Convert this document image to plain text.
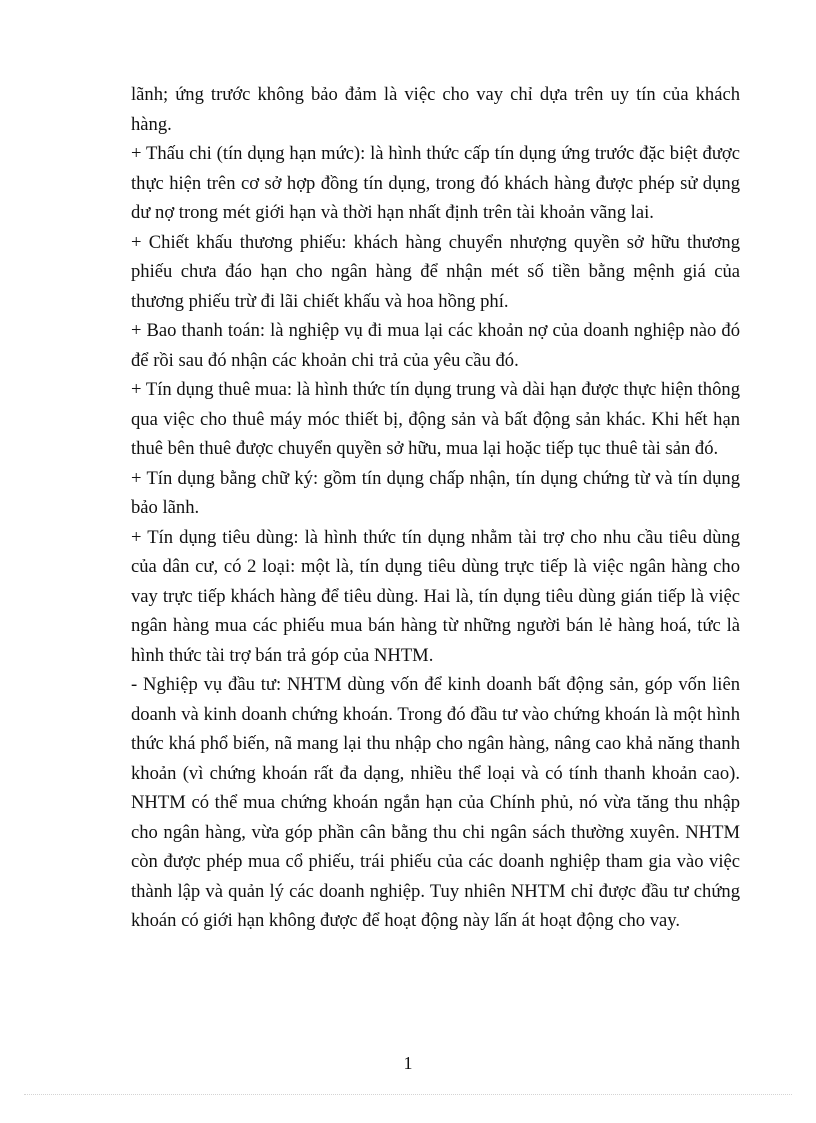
lãnh; ứng trước không bảo đảm là việc cho vay chỉ dựa trên uy tín của khách hàng.

+ Thấu chi (tín dụng hạn mức): là hình thức cấp tín dụng ứng trước đặc biệt được thực hiện trên cơ sở hợp đồng tín dụng, trong đó khách hàng được phép sử dụng dư nợ trong mét giới hạn và thời hạn nhất định trên tài khoản vãng lai.

+ Chiết khấu thương phiếu: khách hàng chuyển nhượng quyền sở hữu thương phiếu chưa đáo hạn cho ngân hàng để nhận mét số tiền bằng mệnh giá của thương phiếu trừ đi lãi chiết khấu và hoa hồng phí.

+ Bao thanh toán: là nghiệp vụ đi mua lại các khoản nợ của doanh nghiệp nào đó để rồi sau đó nhận các khoản chi trả của yêu cầu đó.

+ Tín dụng thuê mua: là hình thức tín dụng trung và dài hạn được thực hiện thông qua việc cho thuê máy móc thiết bị, động sản và bất động sản khác. Khi hết hạn thuê bên thuê được chuyển quyền sở hữu, mua lại hoặc tiếp tục thuê tài sản đó.

+ Tín dụng bằng chữ ký: gồm tín dụng chấp nhận, tín dụng chứng từ và tín dụng bảo lãnh.

+ Tín dụng tiêu dùng: là hình thức tín dụng nhằm tài trợ cho nhu cầu tiêu dùng của dân cư, có 2 loại: một là, tín dụng tiêu dùng trực tiếp là việc ngân hàng cho vay trực tiếp khách hàng để tiêu dùng. Hai là, tín dụng tiêu dùng gián tiếp là việc ngân hàng mua các phiếu mua bán hàng từ những người bán lẻ hàng hoá, tức là hình thức tài trợ bán trả góp của NHTM.

- Nghiệp vụ đầu tư: NHTM dùng vốn để kinh doanh bất động sản, góp vốn liên doanh và kinh doanh chứng khoán. Trong đó đầu tư vào chứng khoán là một hình thức khá phổ biến, nã mang lại thu nhập cho ngân hàng, nâng cao khả năng thanh khoản (vì chứng khoán rất đa dạng, nhiều thể loại và có tính thanh khoản cao). NHTM có thể mua chứng khoán ngắn hạn của Chính phủ, nó vừa tăng thu nhập cho ngân hàng, vừa góp phần cân bằng thu chi ngân sách thường xuyên. NHTM còn được phép mua cổ phiếu, trái phiếu của các doanh nghiệp tham gia vào việc thành lập và quản lý các doanh nghiệp. Tuy nhiên NHTM chỉ được đầu tư chứng khoán có giới hạn không được để hoạt động này lấn át hoạt động cho vay.

1
